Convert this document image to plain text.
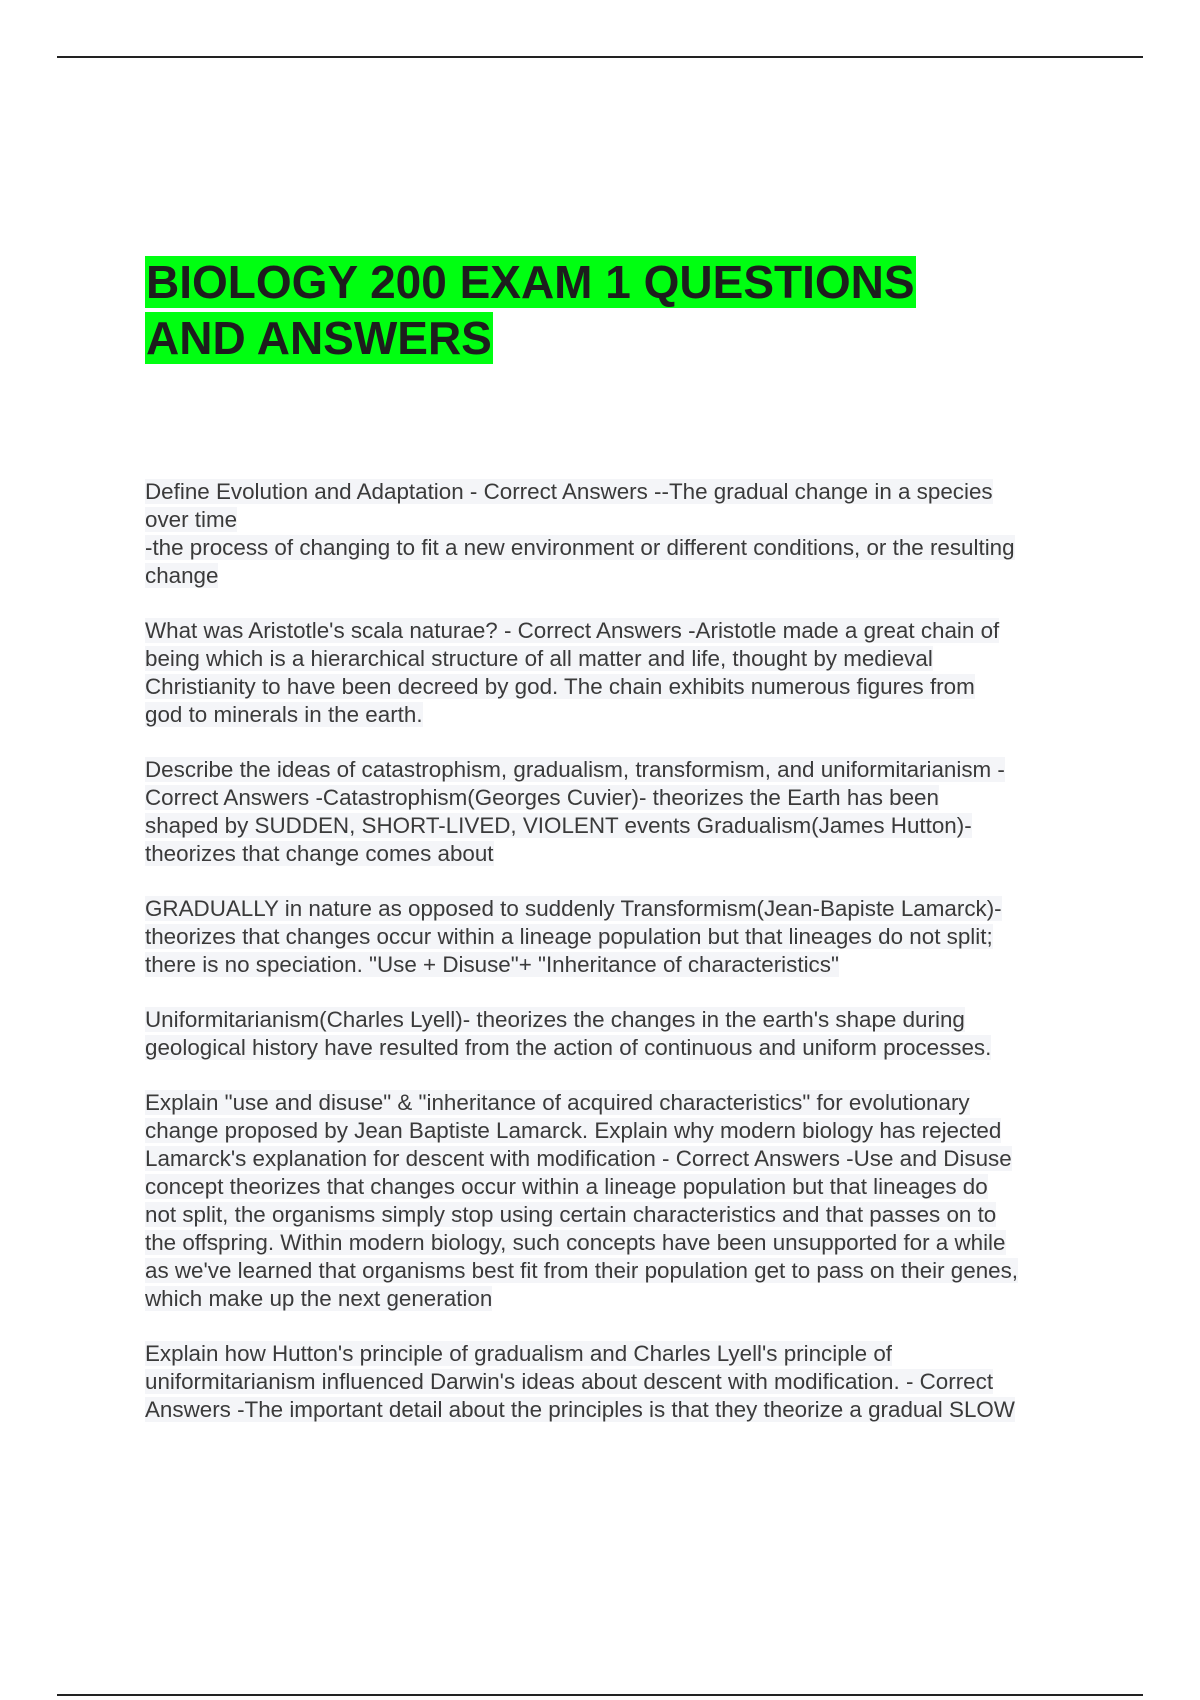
BIOLOGY 200 EXAM 1 QUESTIONS
AND ANSWERS

Define Evolution and Adaptation - Correct Answers --The gradual change in a species
over time
-the process of changing to fit a new environment or different conditions, or the resulting
change

What was Aristotle's scala naturae? - Correct Answers -Aristotle made a great chain of
being which is a hierarchical structure of all matter and life, thought by medieval
Christianity to have been decreed by god. The chain exhibits numerous figures from
god to minerals in the earth.

Describe the ideas of catastrophism, gradualism, transformism, and uniformitarianism -
Correct Answers -Catastrophism(Georges Cuvier)- theorizes the Earth has been
shaped by SUDDEN, SHORT-LIVED, VIOLENT events Gradualism(James Hutton)-
theorizes that change comes about

GRADUALLY in nature as opposed to suddenly Transformism(Jean-Bapiste Lamarck)-
theorizes that changes occur within a lineage population but that lineages do not split;
there is no speciation. "Use + Disuse"+ "Inheritance of characteristics"

Uniformitarianism(Charles Lyell)- theorizes the changes in the earth's shape during
geological history have resulted from the action of continuous and uniform processes.

Explain "use and disuse" & "inheritance of acquired characteristics" for evolutionary
change proposed by Jean Baptiste Lamarck. Explain why modern biology has rejected
Lamarck's explanation for descent with modification - Correct Answers -Use and Disuse
concept theorizes that changes occur within a lineage population but that lineages do
not split, the organisms simply stop using certain characteristics and that passes on to
the offspring. Within modern biology, such concepts have been unsupported for a while
as we've learned that organisms best fit from their population get to pass on their genes,
which make up the next generation

Explain how Hutton's principle of gradualism and Charles Lyell's principle of
uniformitarianism influenced Darwin's ideas about descent with modification. - Correct
Answers -The important detail about the principles is that they theorize a gradual SLOW
